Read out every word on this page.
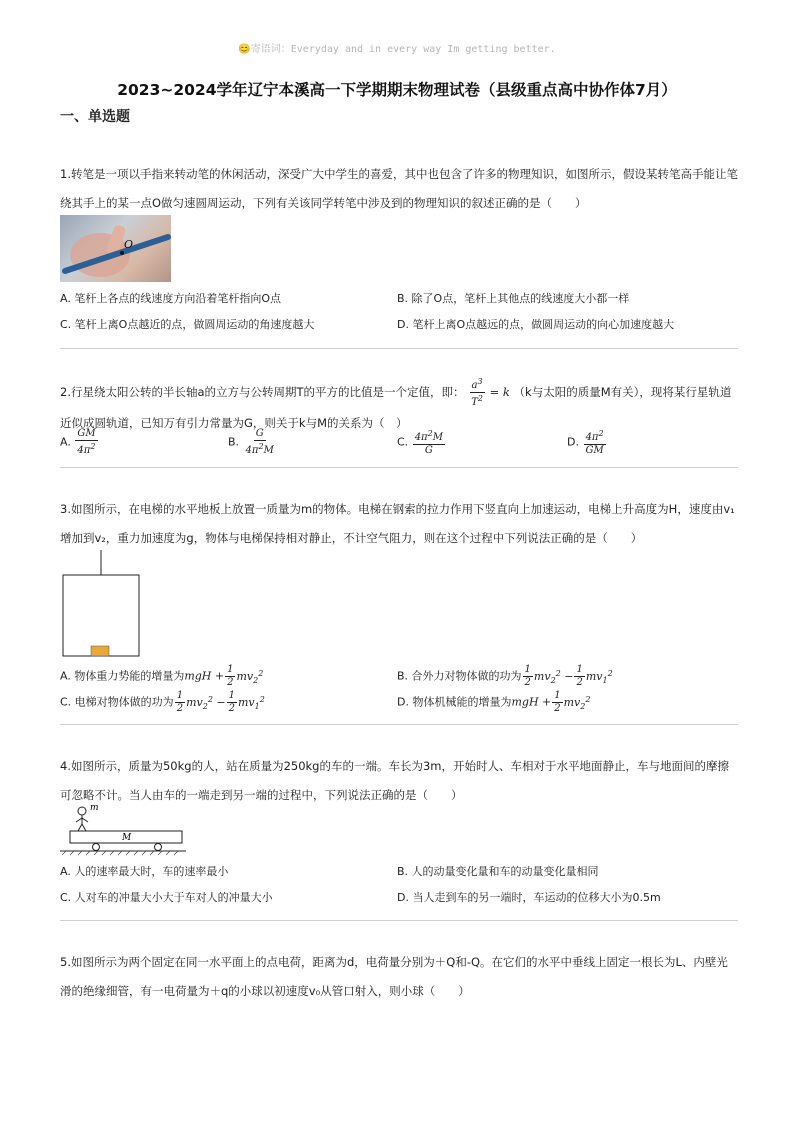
😊寄语词：Everyday and in every way Im getting better.
2023~2024学年辽宁本溪高一下学期期末物理试卷（县级重点高中协作体7月）
一、单选题

1.转笔是一项以手指来转动笔的休闲活动，深受广大中学生的喜爱，其中也包含了许多的物理知识，如图所示，假设某转笔高手能让笔绕其手上的某一点O做匀速圆周运动，下列有关该同学转笔中涉及到的物理知识的叙述正确的是（　　）

O
A. 笔杆上各点的线速度方向沿着笔杆指向O点	B. 除了O点，笔杆上其他点的线速度大小都一样
C. 笔杆上离O点越近的点，做圆周运动的角速度越大	D. 笔杆上离O点越远的点，做圆周运动的向心加速度越大
2.行星绕太阳公转的半长轴a的立方与公转周期T的平方的比值是一个定值，即： $\frac{a^3}{T^2} = k$ （k与太阳的质量M有关），现将某行星轨道近似成圆轨道，已知万有引力常量为G，则关于k与M的关系为（　）
A. $\frac{GM}{4\pi^2}$	B. $\frac{G}{4\pi^2M}$	C. $\frac{4\pi^2M}{G}$	D. $\frac{4\pi^2}{GM}$

3.如图所示，在电梯的水平地板上放置一质量为m的物体。电梯在钢索的拉力作用下竖直向上加速运动，电梯上升高度为H，速度由v₁增加到v₂，重力加速度为g，物体与电梯保持相对静止，不计空气阻力，则在这个过程中下列说法正确的是（　　）

A. 物体重力势能的增量为mgH + $\frac{1}{2} mv_2^2$	B. 合外力对物体做的功为 $\frac{1}{2} mv_2^2 - \frac{1}{2} mv_1^2$
C. 电梯对物体做的功为 $\frac{1}{2} mv_2^2 - \frac{1}{2} mv_1^2$	D. 物体机械能的增量为mgH + $\frac{1}{2} mv_2^2$

4.如图所示，质量为50kg的人，站在质量为250kg的车的一端。车长为3m，开始时人、车相对于水平地面静止，车与地面间的摩擦可忽略不计。当人由车的一端走到另一端的过程中，下列说法正确的是（　　）

m
M
A. 人的速率最大时，车的速率最小	B. 人的动量变化量和车的动量变化量相同
C. 人对车的冲量大小大于车对人的冲量大小	D. 当人走到车的另一端时，车运动的位移大小为0.5m

5.如图所示为两个固定在同一水平面上的点电荷，距离为d，电荷量分别为＋Q和-Q。在它们的水平中垂线上固定一根长为L、内壁光滑的绝缘细管，有一电荷量为＋q的小球以初速度v₀从管口射入，则小球（　　）
